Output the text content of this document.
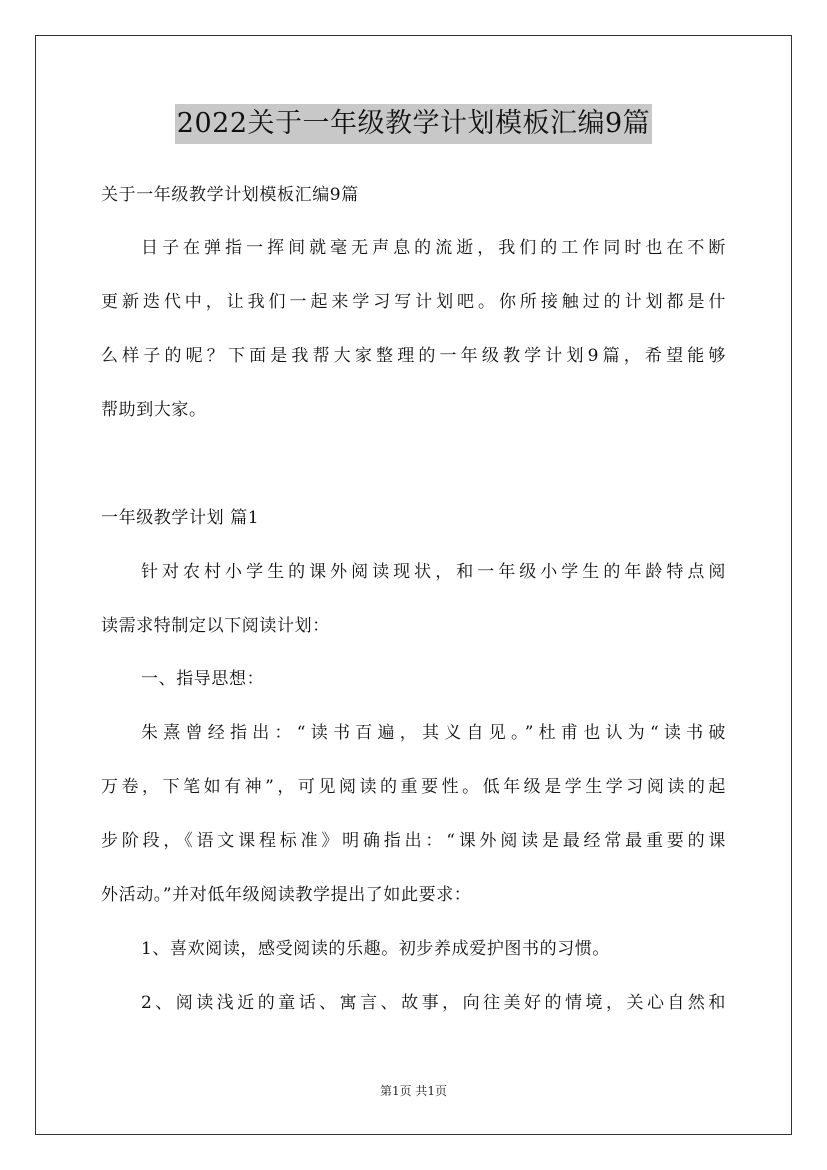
2022关于一年级教学计划模板汇编9篇
关于一年级教学计划模板汇编9篇
日子在弹指一挥间就毫无声息的流逝，我们的工作同时也在不断
更新迭代中，让我们一起来学习写计划吧。你所接触过的计划都是什
么样子的呢？下面是我帮大家整理的一年级教学计划9篇，希望能够
帮助到大家。
一年级教学计划 篇1
针对农村小学生的课外阅读现状，和一年级小学生的年龄特点阅
读需求特制定以下阅读计划：
一、指导思想：
朱熹曾经指出：“读书百遍，其义自见。”杜甫也认为“读书破
万卷，下笔如有神”，可见阅读的重要性。低年级是学生学习阅读的起
步阶段，《语文课程标准》明确指出：“课外阅读是最经常最重要的课
外活动。”并对低年级阅读教学提出了如此要求：
1、喜欢阅读，感受阅读的乐趣。初步养成爱护图书的习惯。
2、阅读浅近的童话、寓言、故事，向往美好的情境，关心自然和
第1页 共1页
